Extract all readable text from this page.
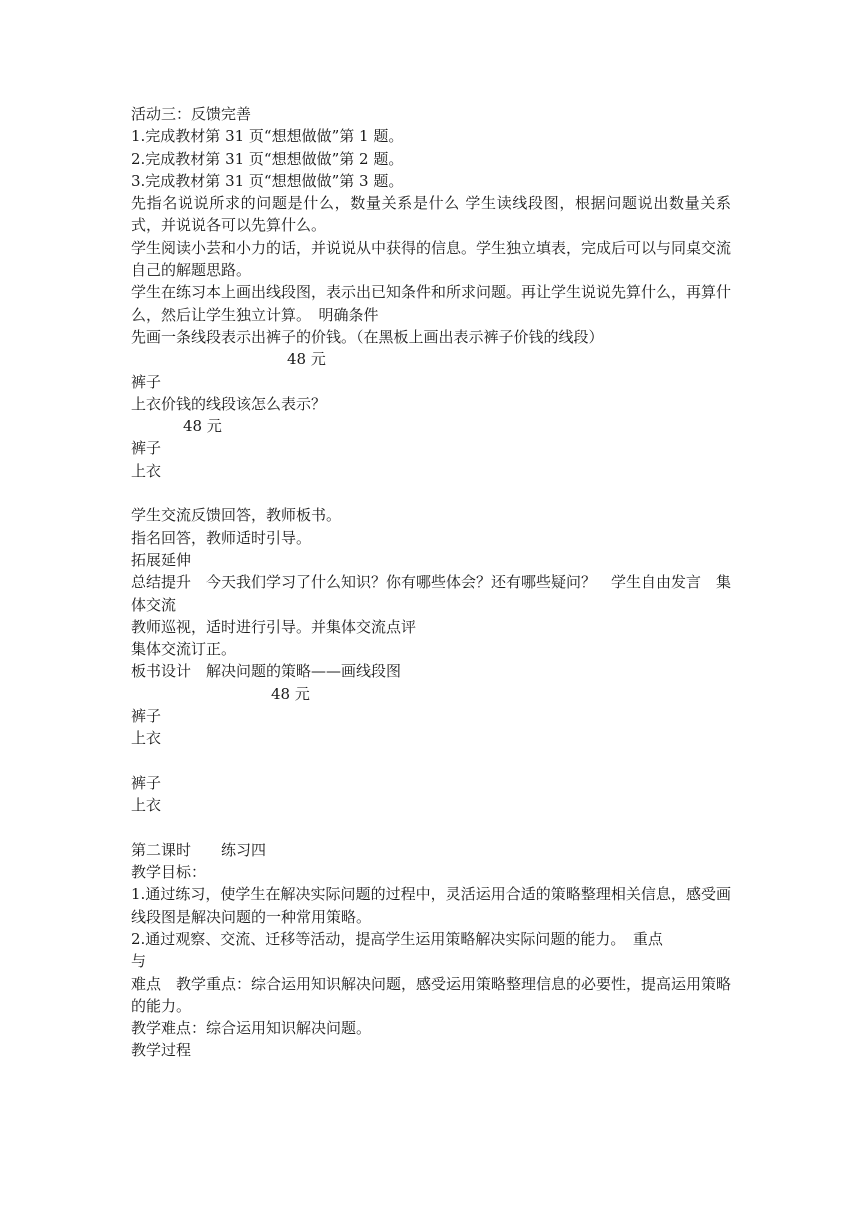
活动三：反馈完善

1.完成教材第 31 页“想想做做”第 1 题。

2.完成教材第 31 页“想想做做”第 2 题。

3.完成教材第 31 页“想想做做”第 3 题。

先指名说说所求的问题是什么，数量关系是什么 学生读线段图，根据问题说出数量关系式，并说说各可以先算什么。

学生阅读小芸和小力的话，并说说从中获得的信息。学生独立填表，完成后可以与同桌交流自己的解题思路。

学生在练习本上画出线段图，表示出已知条件和所求问题。再让学生说说先算什么，再算什么，然后让学生独立计算。　明确条件

先画一条线段表示出裤子的价钱。（在黑板上画出表示裤子价钱的线段）

48 元

裤子

上衣价钱的线段该怎么表示？

48 元

裤子

上衣

学生交流反馈回答，教师板书。

指名回答，教师适时引导。

拓展延伸

总结提升　今天我们学习了什么知识？你有哪些体会？还有哪些疑问？　学生自由发言　集体交流

教师巡视，适时进行引导。并集体交流点评

集体交流订正。

板书设计　解决问题的策略——画线段图

48 元

裤子

上衣

裤子

上衣

第二课时　　练习四

教学目标：

1.通过练习，使学生在解决实际问题的过程中，灵活运用合适的策略整理相关信息，感受画线段图是解决问题的一种常用策略。

2.通过观察、交流、迁移等活动，提高学生运用策略解决实际问题的能力。　重点

与

难点　教学重点：综合运用知识解决问题，感受运用策略整理信息的必要性，提高运用策略的能力。

教学难点：综合运用知识解决问题。

教学过程
